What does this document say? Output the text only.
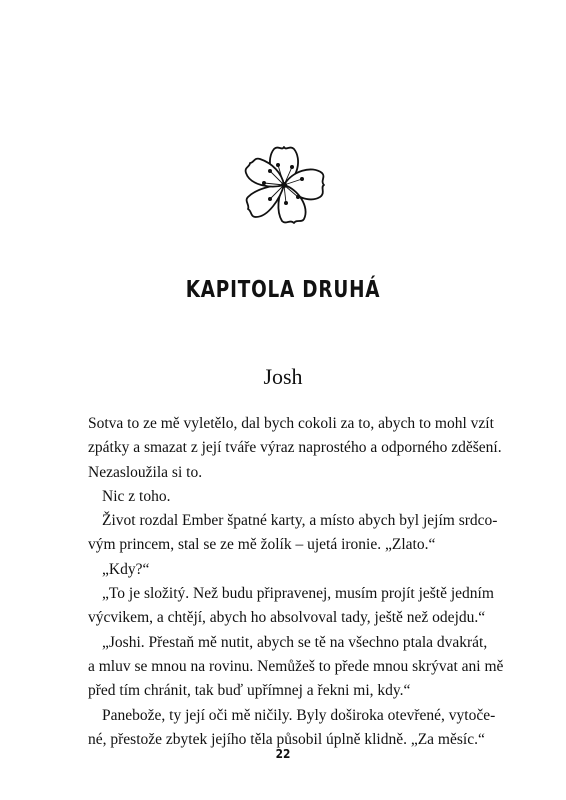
KAPITOLA DRUHÁ
Josh
Sotva to ze mě vyletělo, dal bych cokoli za to, abych to mohl vzít
zpátky a smazat z její tváře výraz naprostého a odporného zděšení.
Nezasloužila si to.
Nic z toho.
Život rozdal Ember špatné karty, a místo abych byl jejím srdco-
vým princem, stal se ze mě žolík – ujetá ironie. „Zlato.“
„Kdy?“
„To je složitý. Než budu připravenej, musím projít ještě jedním
výcvikem, a chtějí, abych ho absolvoval tady, ještě než odejdu.“
„Joshi. Přestaň mě nutit, abych se tě na všechno ptala dvakrát,
a mluv se mnou na rovinu. Nemůžeš to přede mnou skrývat ani mě
před tím chránit, tak buď upřímnej a řekni mi, kdy.“
Panebože, ty její oči mě ničily. Byly doširoka otevřené, vytoče-
né, přestože zbytek jejího těla působil úplně klidně. „Za měsíc.“
22
